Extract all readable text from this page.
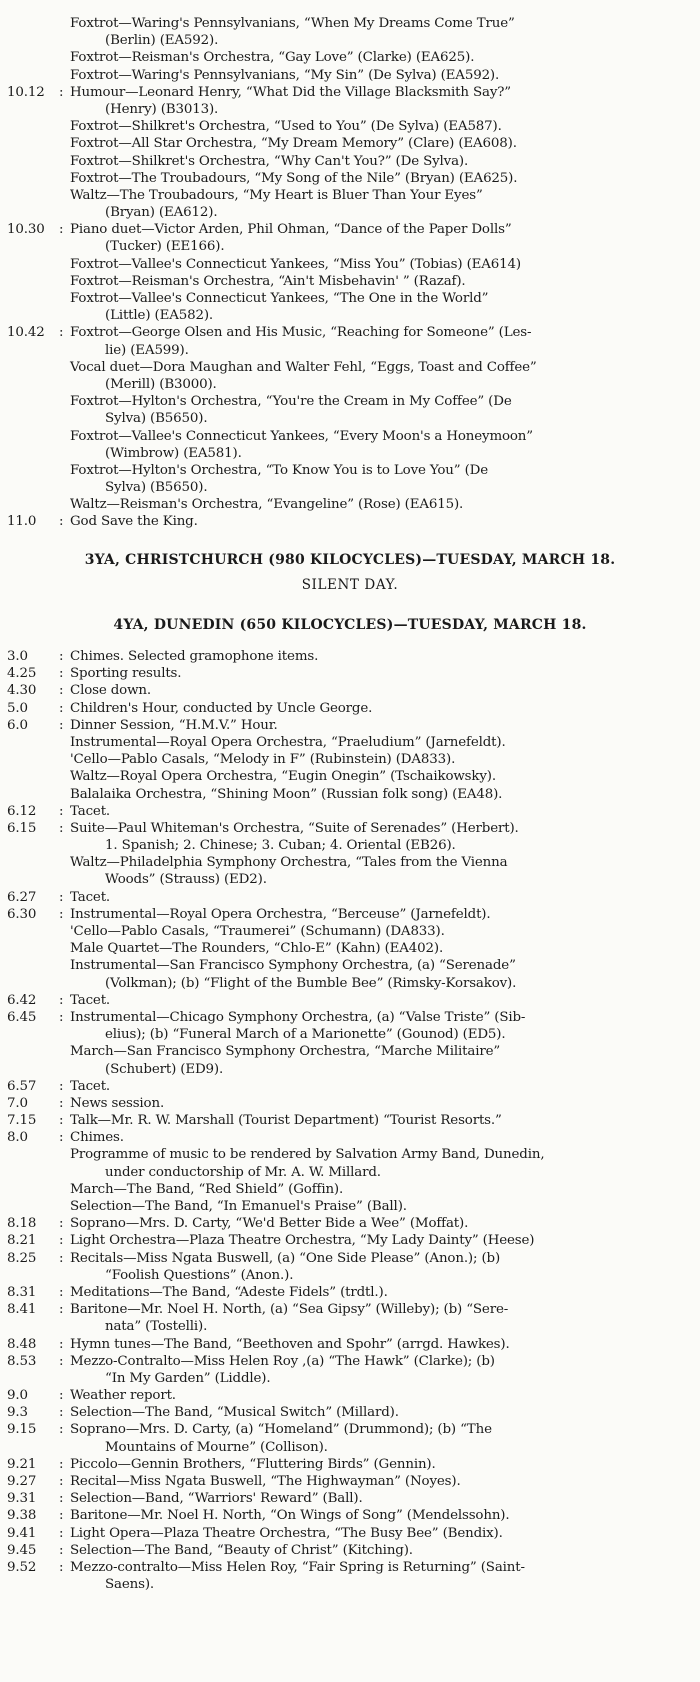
Foxtrot—Waring's Pennsylvanians, “When My Dreams Come True”
(Berlin) (EA592).
Foxtrot—Reisman's Orchestra, “Gay Love” (Clarke) (EA625).
Foxtrot—Waring's Pennsylvanians, “My Sin” (De Sylva) (EA592).
10.12	: Humour—Leonard Henry, “What Did the Village Blacksmith Say?”
(Henry) (B3013).
Foxtrot—Shilkret's Orchestra, “Used to You” (De Sylva) (EA587).
Foxtrot—All Star Orchestra, “My Dream Memory” (Clare) (EA608).
Foxtrot—Shilkret's Orchestra, “Why Can't You?” (De Sylva).
Foxtrot—The Troubadours, “My Song of the Nile” (Bryan) (EA625).
Waltz—The Troubadours, “My Heart is Bluer Than Your Eyes”
(Bryan) (EA612).
10.30	: Piano duet—Victor Arden, Phil Ohman, “Dance of the Paper Dolls”
(Tucker) (EE166).
Foxtrot—Vallee's Connecticut Yankees, “Miss You” (Tobias) (EA614)
Foxtrot—Reisman's Orchestra, “Ain't Misbehavin' ” (Razaf).
Foxtrot—Vallee's Connecticut Yankees, “The One in the World”
(Little) (EA582).
10.42	: Foxtrot—George Olsen and His Music, “Reaching for Someone” (Les-
lie) (EA599).
Vocal duet—Dora Maughan and Walter Fehl, “Eggs, Toast and Coffee”
(Merill) (B3000).
Foxtrot—Hylton's Orchestra, “You're the Cream in My Coffee” (De
Sylva) (B5650).
Foxtrot—Vallee's Connecticut Yankees, “Every Moon's a Honeymoon”
(Wimbrow) (EA581).
Foxtrot—Hylton's Orchestra, “To Know You is to Love You” (De
Sylva) (B5650).
Waltz—Reisman's Orchestra, “Evangeline” (Rose) (EA615).
11.0	: God Save the King.
3YA, CHRISTCHURCH (980 KILOCYCLES)—TUESDAY, MARCH 18.
SILENT DAY.
4YA, DUNEDIN (650 KILOCYCLES)—TUESDAY, MARCH 18.
3.0	: Chimes. Selected gramophone items.
4.25	: Sporting results.
4.30	: Close down.
5.0	: Children's Hour, conducted by Uncle George.
6.0	: Dinner Session, “H.M.V.” Hour.
Instrumental—Royal Opera Orchestra, “Praeludium” (Jarnefeldt).
'Cello—Pablo Casals, “Melody in F” (Rubinstein) (DA833).
Waltz—Royal Opera Orchestra, “Eugin Onegin” (Tschaikowsky).
Balalaika Orchestra, “Shining Moon” (Russian folk song) (EA48).
6.12	: Tacet.
6.15	: Suite—Paul Whiteman's Orchestra, “Suite of Serenades” (Herbert).
1. Spanish; 2. Chinese; 3. Cuban; 4. Oriental (EB26).
Waltz—Philadelphia Symphony Orchestra, “Tales from the Vienna
Woods” (Strauss) (ED2).
6.27	: Tacet.
6.30	: Instrumental—Royal Opera Orchestra, “Berceuse” (Jarnefeldt).
'Cello—Pablo Casals, “Traumerei” (Schumann) (DA833).
Male Quartet—The Rounders, “Chlo-E” (Kahn) (EA402).
Instrumental—San Francisco Symphony Orchestra, (a) “Serenade”
(Volkman); (b) “Flight of the Bumble Bee” (Rimsky-Korsakov).
6.42	: Tacet.
6.45	: Instrumental—Chicago Symphony Orchestra, (a) “Valse Triste” (Sib-
elius); (b) “Funeral March of a Marionette” (Gounod) (ED5).
March—San Francisco Symphony Orchestra, “Marche Militaire”
(Schubert) (ED9).
6.57	: Tacet.
7.0	: News session.
7.15	: Talk—Mr. R. W. Marshall (Tourist Department) “Tourist Resorts.”
8.0	: Chimes.
Programme of music to be rendered by Salvation Army Band, Dunedin,
under conductorship of Mr. A. W. Millard.
March—The Band, “Red Shield” (Goffin).
Selection—The Band, “In Emanuel's Praise” (Ball).
8.18	: Soprano—Mrs. D. Carty, “We'd Better Bide a Wee” (Moffat).
8.21	: Light Orchestra—Plaza Theatre Orchestra, “My Lady Dainty” (Heese)
8.25	: Recitals—Miss Ngata Buswell, (a) “One Side Please” (Anon.); (b)
“Foolish Questions” (Anon.).
8.31	: Meditations—The Band, “Adeste Fidels” (trdtl.).
8.41	: Baritone—Mr. Noel H. North, (a) “Sea Gipsy” (Willeby); (b) “Sere-
nata” (Tostelli).
8.48	: Hymn tunes—The Band, “Beethoven and Spohr” (arrgd. Hawkes).
8.53	: Mezzo-Contralto—Miss Helen Roy ,(a) “The Hawk” (Clarke); (b)
“In My Garden” (Liddle).
9.0	: Weather report.
9.3	: Selection—The Band, “Musical Switch” (Millard).
9.15	: Soprano—Mrs. D. Carty, (a) “Homeland” (Drummond); (b) “The
Mountains of Mourne” (Collison).
9.21	: Piccolo—Gennin Brothers, “Fluttering Birds” (Gennin).
9.27	: Recital—Miss Ngata Buswell, “The Highwayman” (Noyes).
9.31	: Selection—Band, “Warriors' Reward” (Ball).
9.38	: Baritone—Mr. Noel H. North, “On Wings of Song” (Mendelssohn).
9.41	: Light Opera—Plaza Theatre Orchestra, “The Busy Bee” (Bendix).
9.45	: Selection—The Band, “Beauty of Christ” (Kitching).
9.52	: Mezzo-contralto—Miss Helen Roy, “Fair Spring is Returning” (Saint-
Saens).
